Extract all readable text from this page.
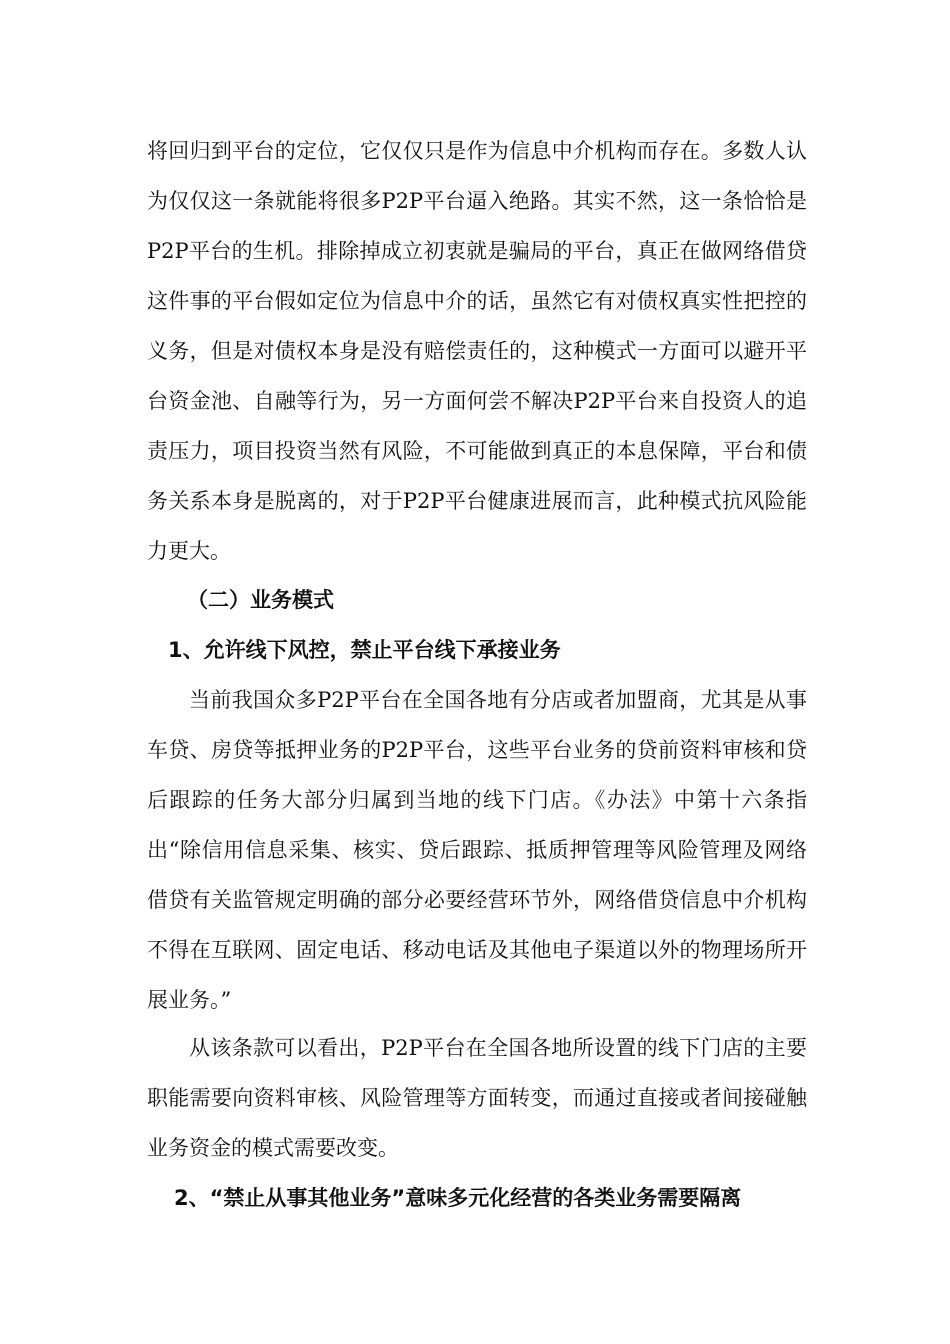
将回归到平台的定位，它仅仅只是作为信息中介机构而存在。多数人认为仅仅这一条就能将很多P2P平台逼入绝路。其实不然，这一条恰恰是P2P平台的生机。排除掉成立初衷就是骗局的平台，真正在做网络借贷这件事的平台假如定位为信息中介的话，虽然它有对债权真实性把控的义务，但是对债权本身是没有赔偿责任的，这种模式一方面可以避开平台资金池、自融等行为，另一方面何尝不解决P2P平台来自投资人的追责压力，项目投资当然有风险，不可能做到真正的本息保障，平台和债务关系本身是脱离的，对于P2P平台健康进展而言，此种模式抗风险能力更大。

（二）业务模式

1、允许线下风控，禁止平台线下承接业务

当前我国众多P2P平台在全国各地有分店或者加盟商，尤其是从事车贷、房贷等抵押业务的P2P平台，这些平台业务的贷前资料审核和贷后跟踪的任务大部分归属到当地的线下门店。《办法》中第十六条指出“除信用信息采集、核实、贷后跟踪、抵质押管理等风险管理及网络借贷有关监管规定明确的部分必要经营环节外，网络借贷信息中介机构不得在互联网、固定电话、移动电话及其他电子渠道以外的物理场所开展业务。”

从该条款可以看出，P2P平台在全国各地所设置的线下门店的主要职能需要向资料审核、风险管理等方面转变，而通过直接或者间接碰触业务资金的模式需要改变。

2、“禁止从事其他业务”意味多元化经营的各类业务需要隔离
